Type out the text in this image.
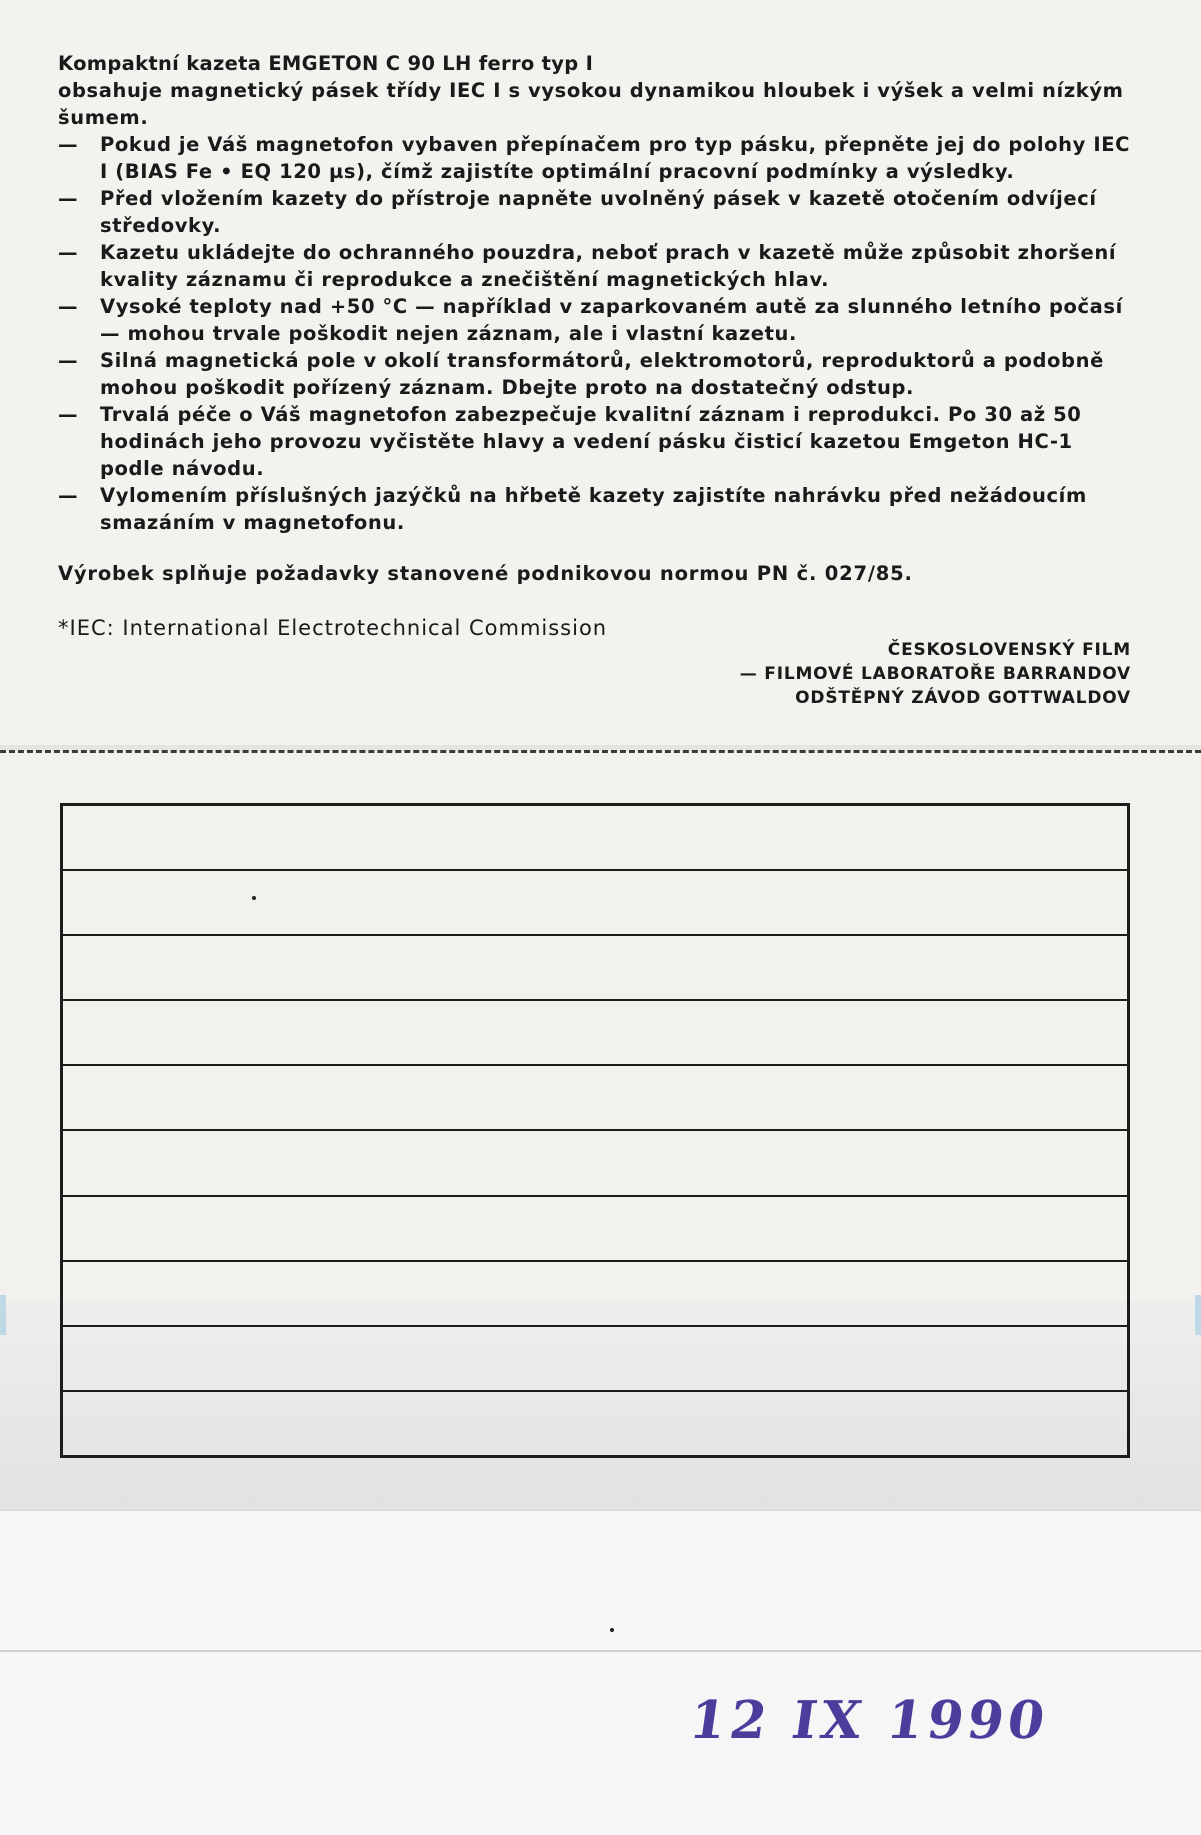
Kompaktní kazeta EMGETON C 90 LH ferro typ I
obsahuje magnetický pásek třídy IEC I s vysokou dynamikou hloubek i výšek a velmi nízkým šumem.

— Pokud je Váš magnetofon vybaven přepínačem pro typ pásku, přepněte jej do polohy IEC I (BIAS Fe • EQ 120 µs), čímž zajistíte optimální pracovní podmínky a výsledky.

— Před vložením kazety do přístroje napněte uvolněný pásek v kazetě otočením odvíjecí středovky.

— Kazetu ukládejte do ochranného pouzdra, neboť prach v kazetě může způsobit zhoršení kvality záznamu či reprodukce a znečištění magnetických hlav.

— Vysoké teploty nad +50 °C — například v zaparkovaném autě za slunného letního počasí — mohou trvale poškodit nejen záznam, ale i vlastní kazetu.

— Silná magnetická pole v okolí transformátorů, elektromotorů, reproduktorů a podobně mohou poškodit pořízený záznam. Dbejte proto na dostatečný odstup.

— Trvalá péče o Váš magnetofon zabezpečuje kvalitní záznam i reprodukci. Po 30 až 50 hodinách jeho provozu vyčistěte hlavy a vedení pásku čisticí kazetou Emgeton HC-1 podle návodu.

— Vylomením příslušných jazýčků na hřbetě kazety zajistíte nahrávku před nežádoucím smazáním v magnetofonu.

Výrobek splňuje požadavky stanovené podnikovou normou PN č. 027/85.
*IEC: International Electrotechnical Commission
ČESKOSLOVENSKÝ FILM
— FILMOVÉ LABORATOŘE BARRANDOV
ODŠTĚPNÝ ZÁVOD GOTTWALDOV
12 IX 1990
